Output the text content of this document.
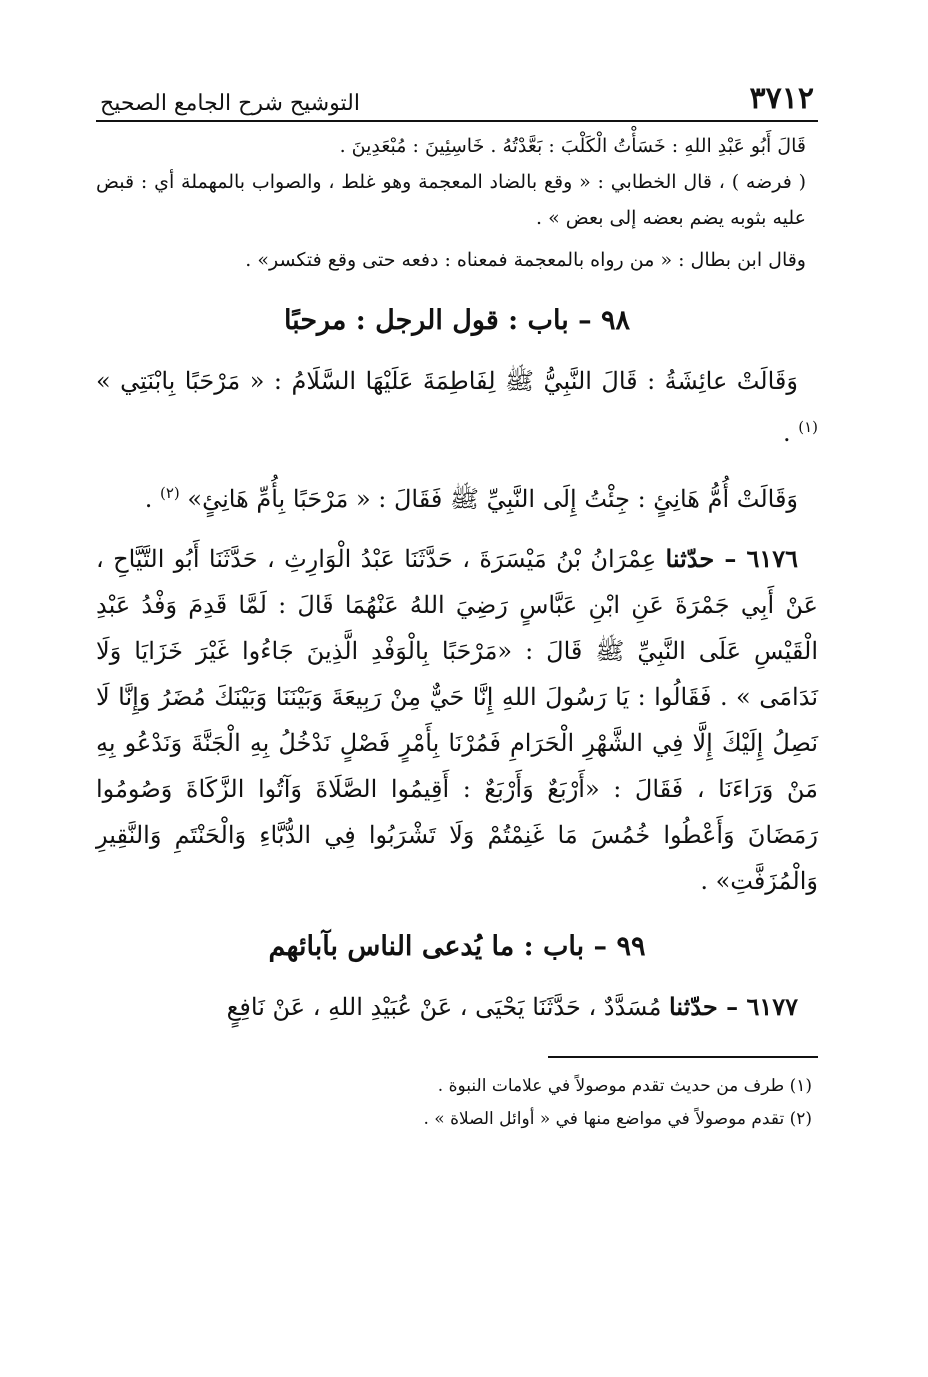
٣٧١٢
التوشيح شرح الجامع الصحيح

قَالَ أَبُو عَبْدِ اللهِ : خَسَأْتُ الْكَلْبَ : بَعَّدْتُهُ . خَاسِئِينَ : مُبْعَدِينَ .

( فرضه ) ، قال الخطابي : « وقع بالضاد المعجمة وهو غلط ، والصواب بالمهملة أي : قبض عليه بثوبه يضم بعضه إلى بعض » .

وقال ابن بطال : « من رواه بالمعجمة فمعناه : دفعه حتى وقع فتكسر» .

٩٨ – باب : قول الرجل : مرحبًا

وَقَالَتْ عائِشَةُ : قَالَ النَّبِيُّ ﷺ لِفَاطِمَةَ عَلَيْهَا السَّلَامُ : « مَرْحَبًا بِابْنَتِي » $^{(١)}$ .

وَقَالَتْ أُمُّ هَانِئٍ : جِئْتُ إِلَى النَّبِيِّ ﷺ فَقَالَ : « مَرْحَبًا بِأُمِّ هَانِئٍ» $^{(٢)}$ .

٦١٧٦ – حدّثنا عِمْرَانُ بْنُ مَيْسَرَةَ ، حَدَّثَنَا عَبْدُ الْوَارِثِ ، حَدَّثَنَا أَبُو التَّيَّاحِ ، عَنْ أَبِي جَمْرَةَ عَنِ ابْنِ عَبَّاسٍ رَضِيَ اللهُ عَنْهُمَا قَالَ : لَمَّا قَدِمَ وَفْدُ عَبْدِ الْقَيْسِ عَلَى النَّبِيِّ ﷺ قَالَ : «مَرْحَبًا بِالْوَفْدِ الَّذِينَ جَاءُوا غَيْرَ خَزَايَا وَلَا نَدَامَى » . فَقَالُوا : يَا رَسُولَ اللهِ إِنَّا حَيٌّ مِنْ رَبِيعَةَ وَبَيْنَنَا وَبَيْنَكَ مُضَرُ وَإِنَّا لَا نَصِلُ إِلَيْكَ إِلَّا فِي الشَّهْرِ الْحَرَامِ فَمُرْنَا بِأَمْرٍ فَصْلٍ نَدْخُلُ بِهِ الْجَنَّةَ وَنَدْعُو بِهِ مَنْ وَرَاءَنَا ، فَقَالَ : «أَرْبَعٌ وَأَرْبَعٌ : أَقِيمُوا الصَّلَاةَ وَآتُوا الزَّكَاةَ وَصُومُوا رَمَضَانَ وَأَعْطُوا خُمُسَ مَا غَنِمْتُمْ وَلَا تَشْرَبُوا فِي الدُّبَّاءِ وَالْحَنْتَمِ وَالنَّقِيرِ وَالْمُزَفَّتِ» .

٩٩ – باب : ما يُدعى الناس بآبائهم

٦١٧٧ – حدّثنا مُسَدَّدٌ ، حَدَّثَنَا يَحْيَى ، عَنْ عُبَيْدِ اللهِ ، عَنْ نَافِعٍ

(١) طرف من حديث تقدم موصولاً في علامات النبوة .

(٢) تقدم موصولاً في مواضع منها في « أوائل الصلاة » .
